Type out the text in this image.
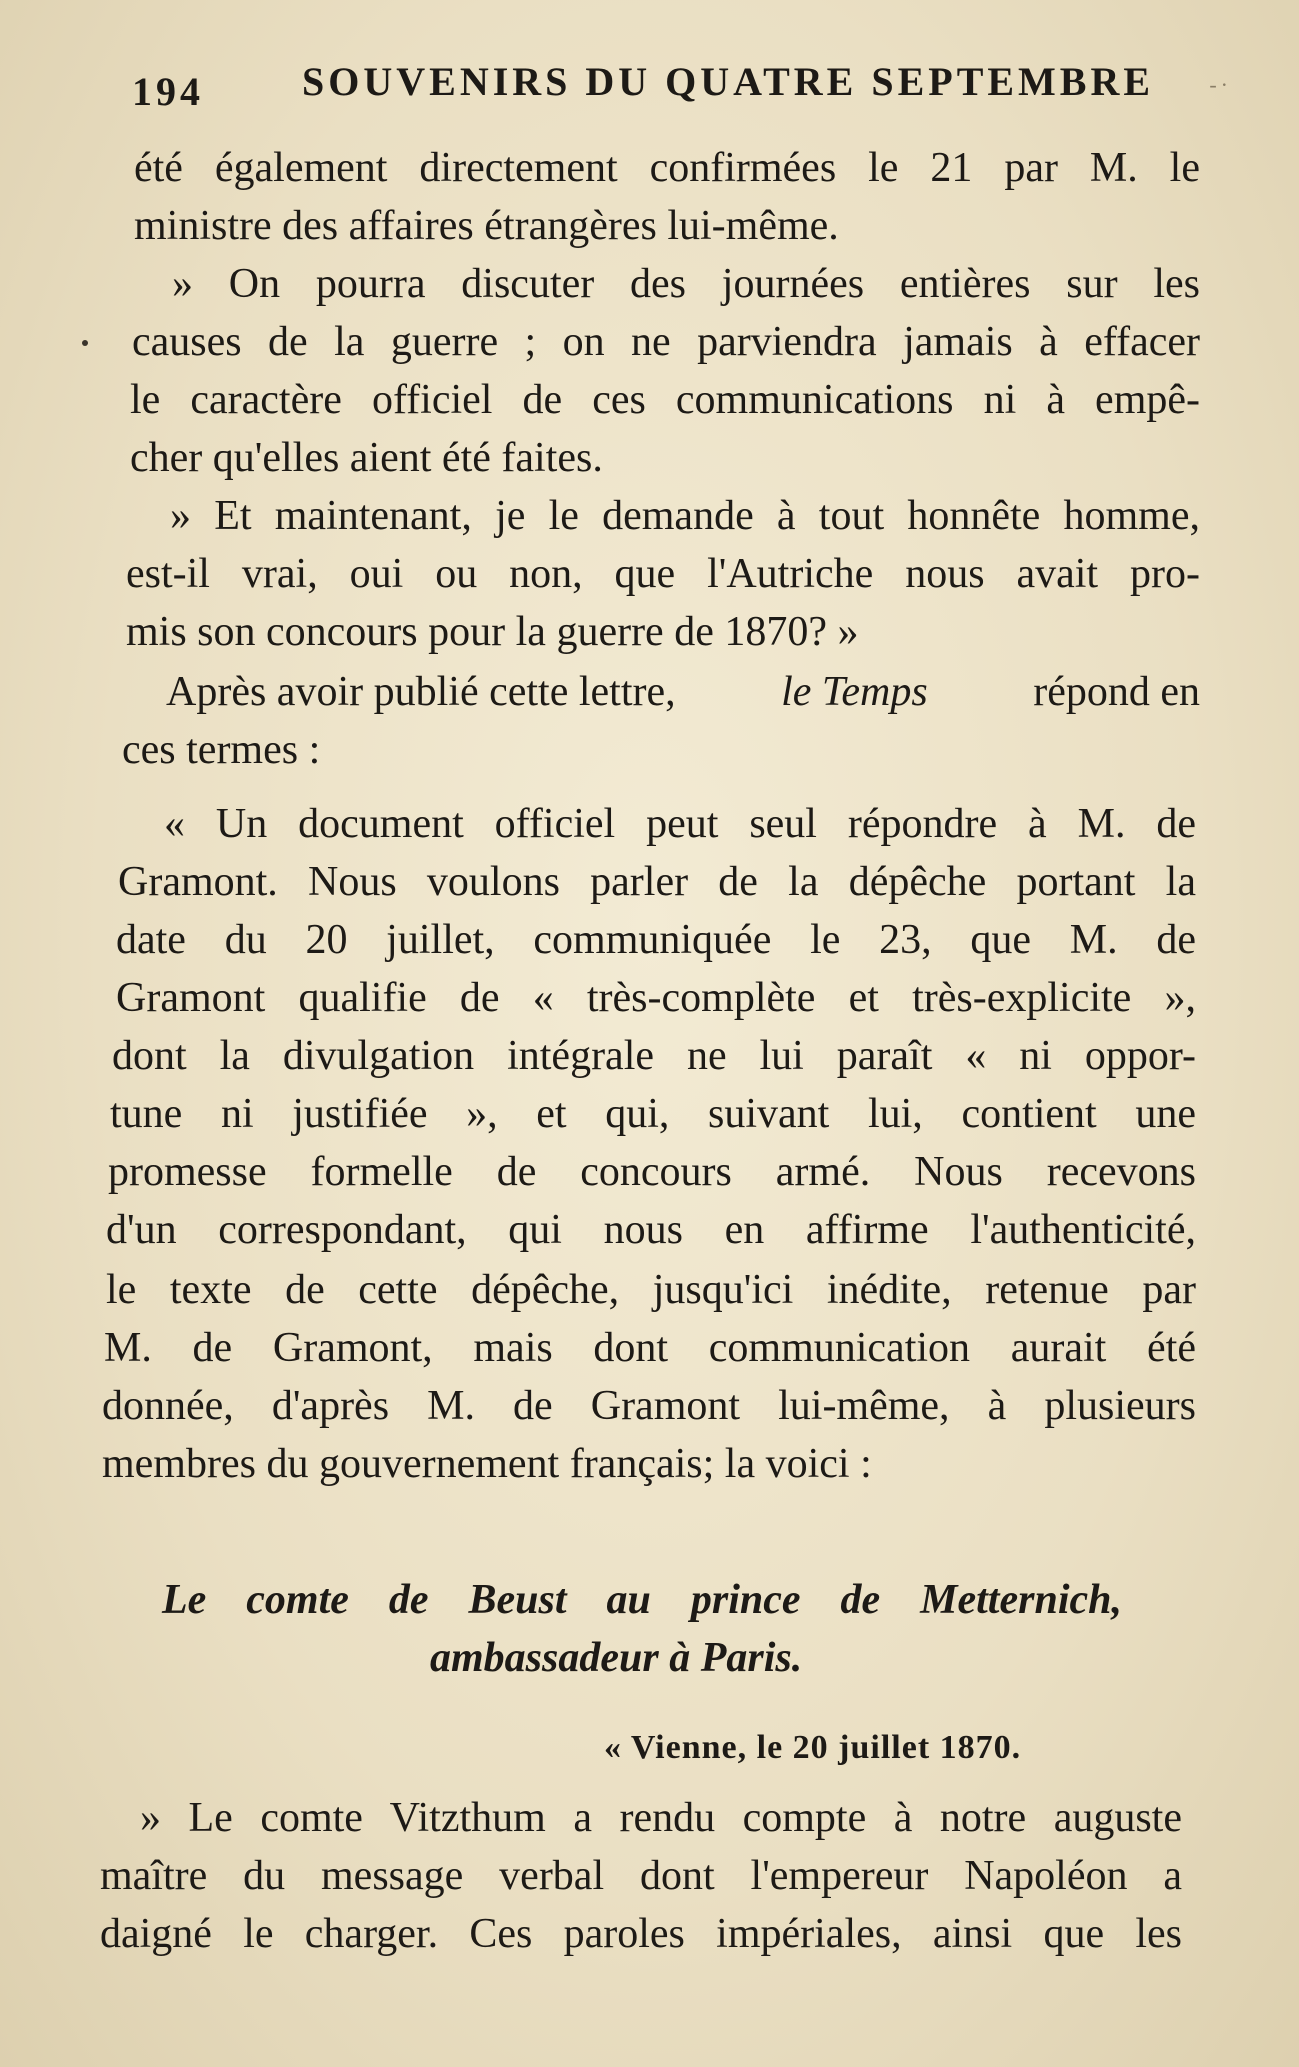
194 SOUVENIRS DU QUATRE SEPTEMBRE	-·
été également directement confirmées le 21 par M. le
ministre des affaires étrangères lui-même.
» On pourra discuter des journées entières sur les
causes de la guerre ; on ne parviendra jamais à effacer
le caractère officiel de ces communications ni à empê-
cher qu'elles aient été faites.
» Et maintenant, je le demande à tout honnête homme,
est-il vrai, oui ou non, que l'Autriche nous avait pro-
mis son concours pour la guerre de 1870? »
Après avoir publié cette lettre,	le Temps	répond en
ces termes :
« Un document officiel peut seul répondre à M. de
Gramont. Nous voulons parler de la dépêche portant la
date du 20 juillet, communiquée le 23, que M. de
Gramont qualifie de « très-complète et très-explicite »,
dont la divulgation intégrale ne lui paraît « ni oppor-
tune ni justifiée », et qui, suivant lui, contient une
promesse formelle de concours armé. Nous recevons
d'un correspondant, qui nous en affirme l'authenticité,
le texte de cette dépêche, jusqu'ici inédite, retenue par
M. de Gramont, mais dont communication aurait été
donnée, d'après M. de Gramont lui-même, à plusieurs
membres du gouvernement français; la voici :
Le comte de Beust au prince de Metternich,
ambassadeur à Paris.
« Vienne, le 20 juillet 1870.
» Le comte Vitzthum a rendu compte à notre auguste
maître du message verbal dont l'empereur Napoléon a
daigné le charger. Ces paroles impériales, ainsi que les
